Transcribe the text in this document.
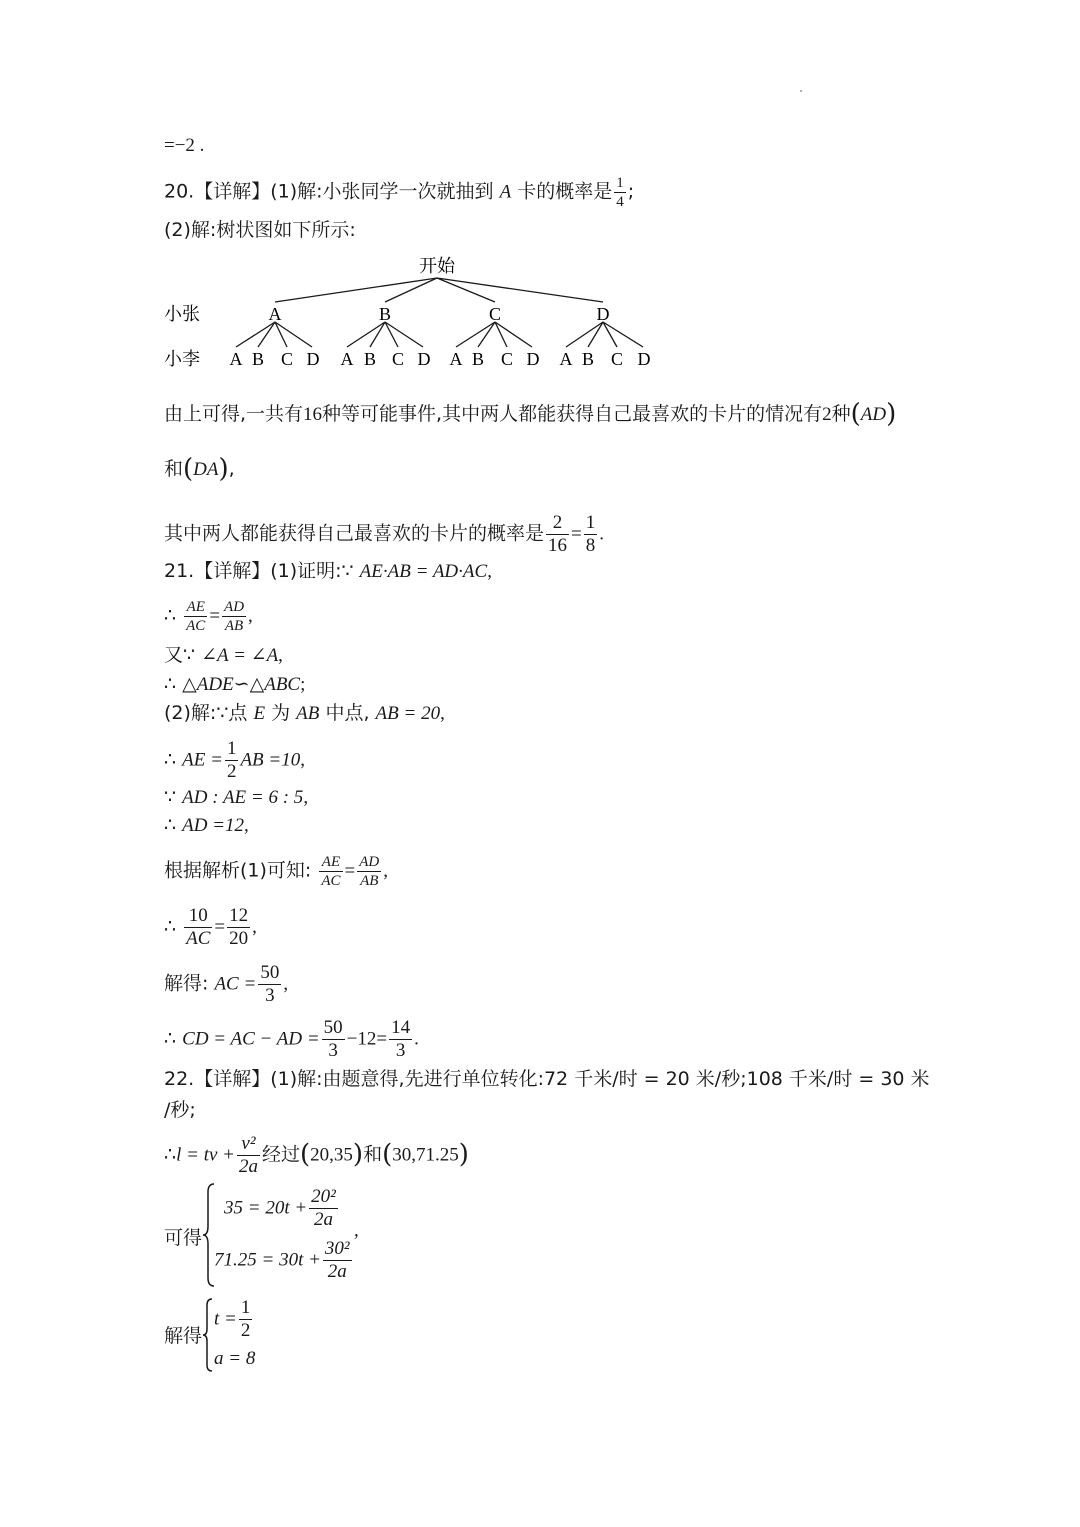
=−2 .
20.【详解】(1)解:小张同学一次就抽到 A 卡的概率是 $\frac{1}{4}$ ;
(2)解:树状图如下所示:
开始
小张
小李
A	B	C	D
A B C D A B C D A B C D A B C D
由上可得,一共有16种等可能事件,其中两人都能获得自己最喜欢的卡片的情况有2种(AD)
和(DA),
其中两人都能获得自己最喜欢的卡片的概率是 $\frac{2}{16} = \frac{1}{8}$ .
21.【详解】(1)证明:∵ AE·AB = AD·AC,
∴ $\frac{AE}{AC} = \frac{AD}{AB}$ ,
又∵ ∠A = ∠A,
∴ △ADE∽△ABC;
(2)解:∵点 E 为 AB 中点, AB = 20,
∴ AE = $\frac{1}{2}$ AB =10,
∵ AD : AE = 6 : 5,
∴ AD =12,
根据解析(1)可知: $\frac{AE}{AC} = \frac{AD}{AB}$ ,
∴ $\frac{10}{AC} = \frac{12}{20}$ ,
解得: AC = $\frac{50}{3}$ ,
∴ CD = AC − AD = $\frac{50}{3} -12= \frac{14}{3}$ .
22.【详解】(1)解:由题意得,先进行单位转化:72 千米/时 = 20 米/秒;108 千米/时 = 30 米
/秒;
∴l = tv + $\frac{\text{v²}}{2a}$ 经过(20,35)和(30,71.25)
可得
$35 = 20t + \frac{\text{20²}}{2a}$
$71.25 = 30t + \frac{\text{30²}}{2a}$
,
解得
$t = \frac{1}{2}$
a = 8
